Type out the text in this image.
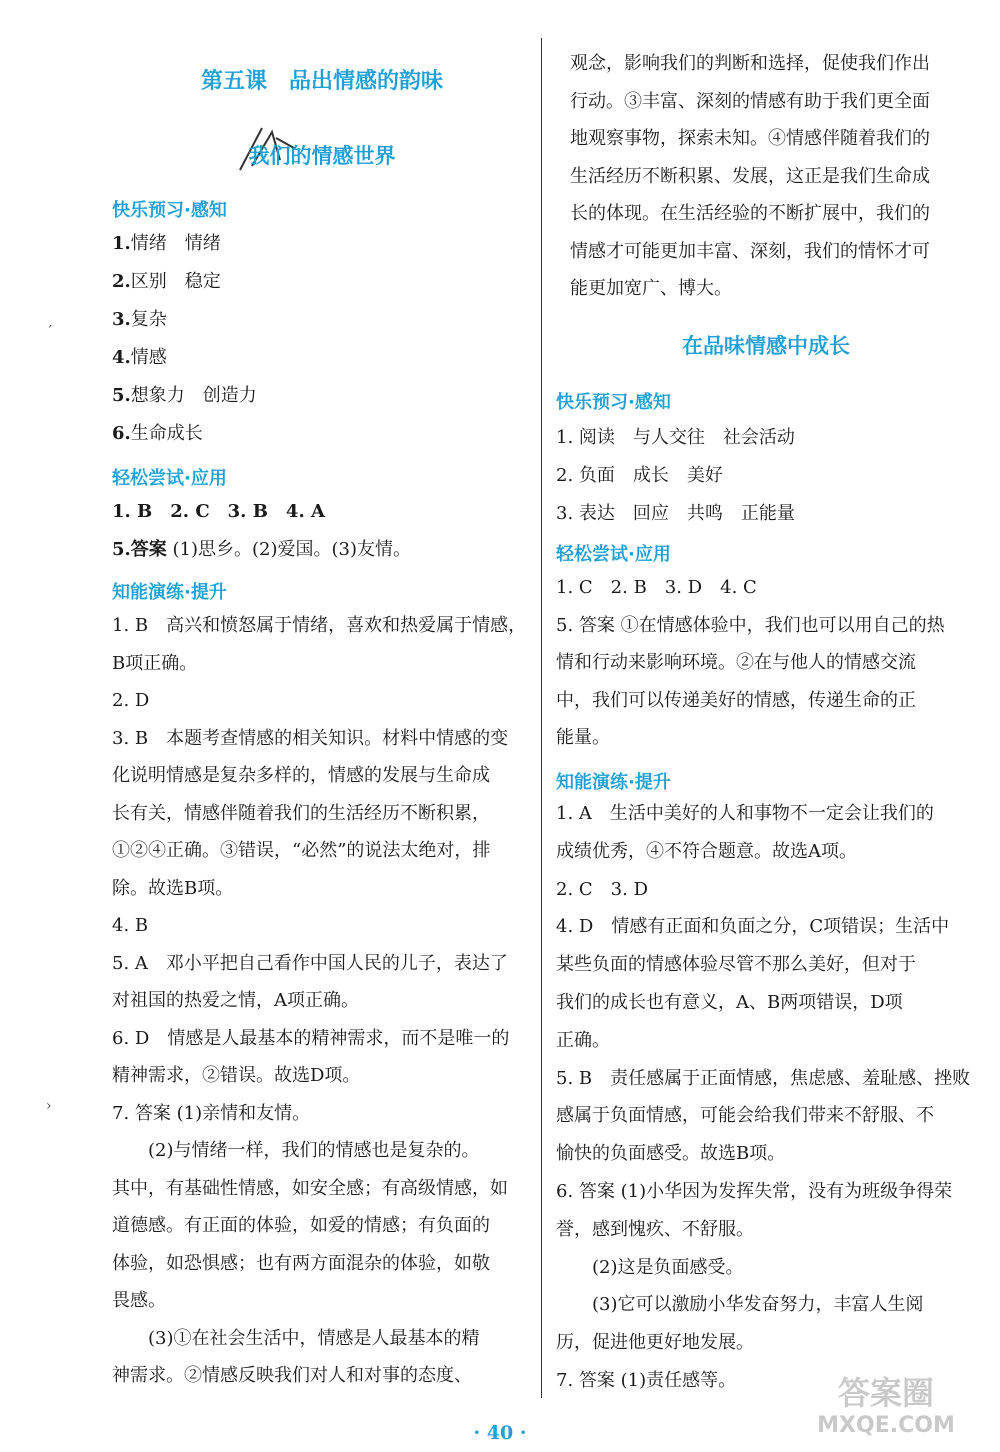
第五课　品出情感的韵味
我们的情感世界
快乐预习·感知
1.情绪　情绪
2.区别　稳定
3.复杂
4.情感
5.想象力　创造力
6.生命成长
轻松尝试·应用
1. B　2. C　3. B　4. A
5.答案 (1)思乡。(2)爱国。(3)友情。
知能演练·提升
1. B　高兴和愤怒属于情绪，喜欢和热爱属于情感，
B项正确。
2. D
3. B　本题考查情感的相关知识。材料中情感的变
化说明情感是复杂多样的，情感的发展与生命成
长有关，情感伴随着我们的生活经历不断积累，
①②④正确。③错误，“必然”的说法太绝对，排
除。故选B项。
4. B
5. A　邓小平把自己看作中国人民的儿子，表达了
对祖国的热爱之情，A项正确。
6. D　情感是人最基本的精神需求，而不是唯一的
精神需求，②错误。故选D项。
7. 答案 (1)亲情和友情。
　　(2)与情绪一样，我们的情感也是复杂的。
其中，有基础性情感，如安全感；有高级情感，如
道德感。有正面的体验，如爱的情感；有负面的
体验，如恐惧感；也有两方面混杂的体验，如敬
畏感。
　　(3)①在社会生活中，情感是人最基本的精
神需求。②情感反映我们对人和对事的态度、
观念，影响我们的判断和选择，促使我们作出
行动。③丰富、深刻的情感有助于我们更全面
地观察事物，探索未知。④情感伴随着我们的
生活经历不断积累、发展，这正是我们生命成
长的体现。在生活经验的不断扩展中，我们的
情感才可能更加丰富、深刻，我们的情怀才可
能更加宽广、博大。
在品味情感中成长
快乐预习·感知
1. 阅读　与人交往　社会活动
2. 负面　成长　美好
3. 表达　回应　共鸣　正能量
轻松尝试·应用
1. C　2. B　3. D　4. C
5. 答案 ①在情感体验中，我们也可以用自己的热
情和行动来影响环境。②在与他人的情感交流
中，我们可以传递美好的情感，传递生命的正
能量。
知能演练·提升
1. A　生活中美好的人和事物不一定会让我们的
成绩优秀，④不符合题意。故选A项。
2. C　3. D
4. D　情感有正面和负面之分，C项错误；生活中
某些负面的情感体验尽管不那么美好，但对于
我们的成长也有意义，A、B两项错误，D项
正确。
5. B　责任感属于正面情感，焦虑感、羞耻感、挫败
感属于负面情感，可能会给我们带来不舒服、不
愉快的负面感受。故选B项。
6. 答案 (1)小华因为发挥失常，没有为班级争得荣
誉，感到愧疚、不舒服。
　　(2)这是负面感受。
　　(3)它可以激励小华发奋努力，丰富人生阅
历，促进他更好地发展。
7. 答案 (1)责任感等。
ˊ
›
· 40 ·
答案圈
MXQE.COM
